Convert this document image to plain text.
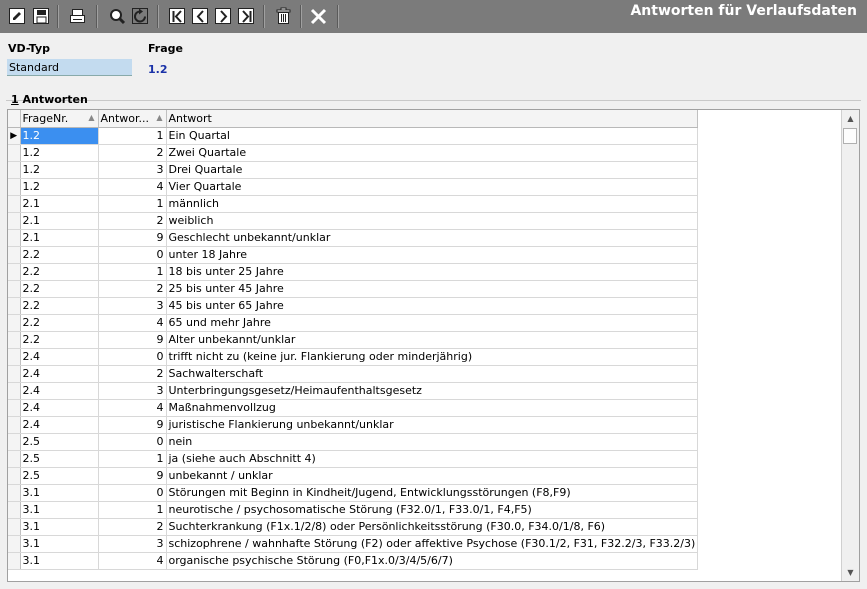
Antworten für Verlaufsdaten
VD-Typ
Standard
Frage
1.2
1 Antworten
	FrageNr. ▲	Antwor... ▲	Antwort

▶	1.2	1	Ein Quartal
	1.2	2	Zwei Quartale
	1.2	3	Drei Quartale
	1.2	4	Vier Quartale
	2.1	1	männlich
	2.1	2	weiblich
	2.1	9	Geschlecht unbekannt/unklar
	2.2	0	unter 18 Jahre
	2.2	1	18 bis unter 25 Jahre
	2.2	2	25 bis unter 45 Jahre
	2.2	3	45 bis unter 65 Jahre
	2.2	4	65 und mehr Jahre
	2.2	9	Alter unbekannt/unklar
	2.4	0	trifft nicht zu (keine jur. Flankierung oder minderjährig)
	2.4	2	Sachwalterschaft
	2.4	3	Unterbringungsgesetz/Heimaufenthaltsgesetz
	2.4	4	Maßnahmenvollzug
	2.4	9	juristische Flankierung unbekannt/unklar
	2.5	0	nein
	2.5	1	ja (siehe auch Abschnitt 4)
	2.5	9	unbekannt / unklar
	3.1	0	Störungen mit Beginn in Kindheit/Jugend, Entwicklungsstörungen (F8,F9)
	3.1	1	neurotische / psychosomatische Störung (F32.0/1, F33.0/1, F4,F5)
	3.1	2	Suchterkrankung (F1x.1/2/8) oder Persönlichkeitsstörung (F30.0, F34.0/1/8, F6)
	3.1	3	schizophrene / wahnhafte Störung (F2) oder affektive Psychose (F30.1/2, F31, F32.2/3, F33.2/3)
	3.1	4	organische psychische Störung (F0,F1x.0/3/4/5/6/7)
▲
▼
